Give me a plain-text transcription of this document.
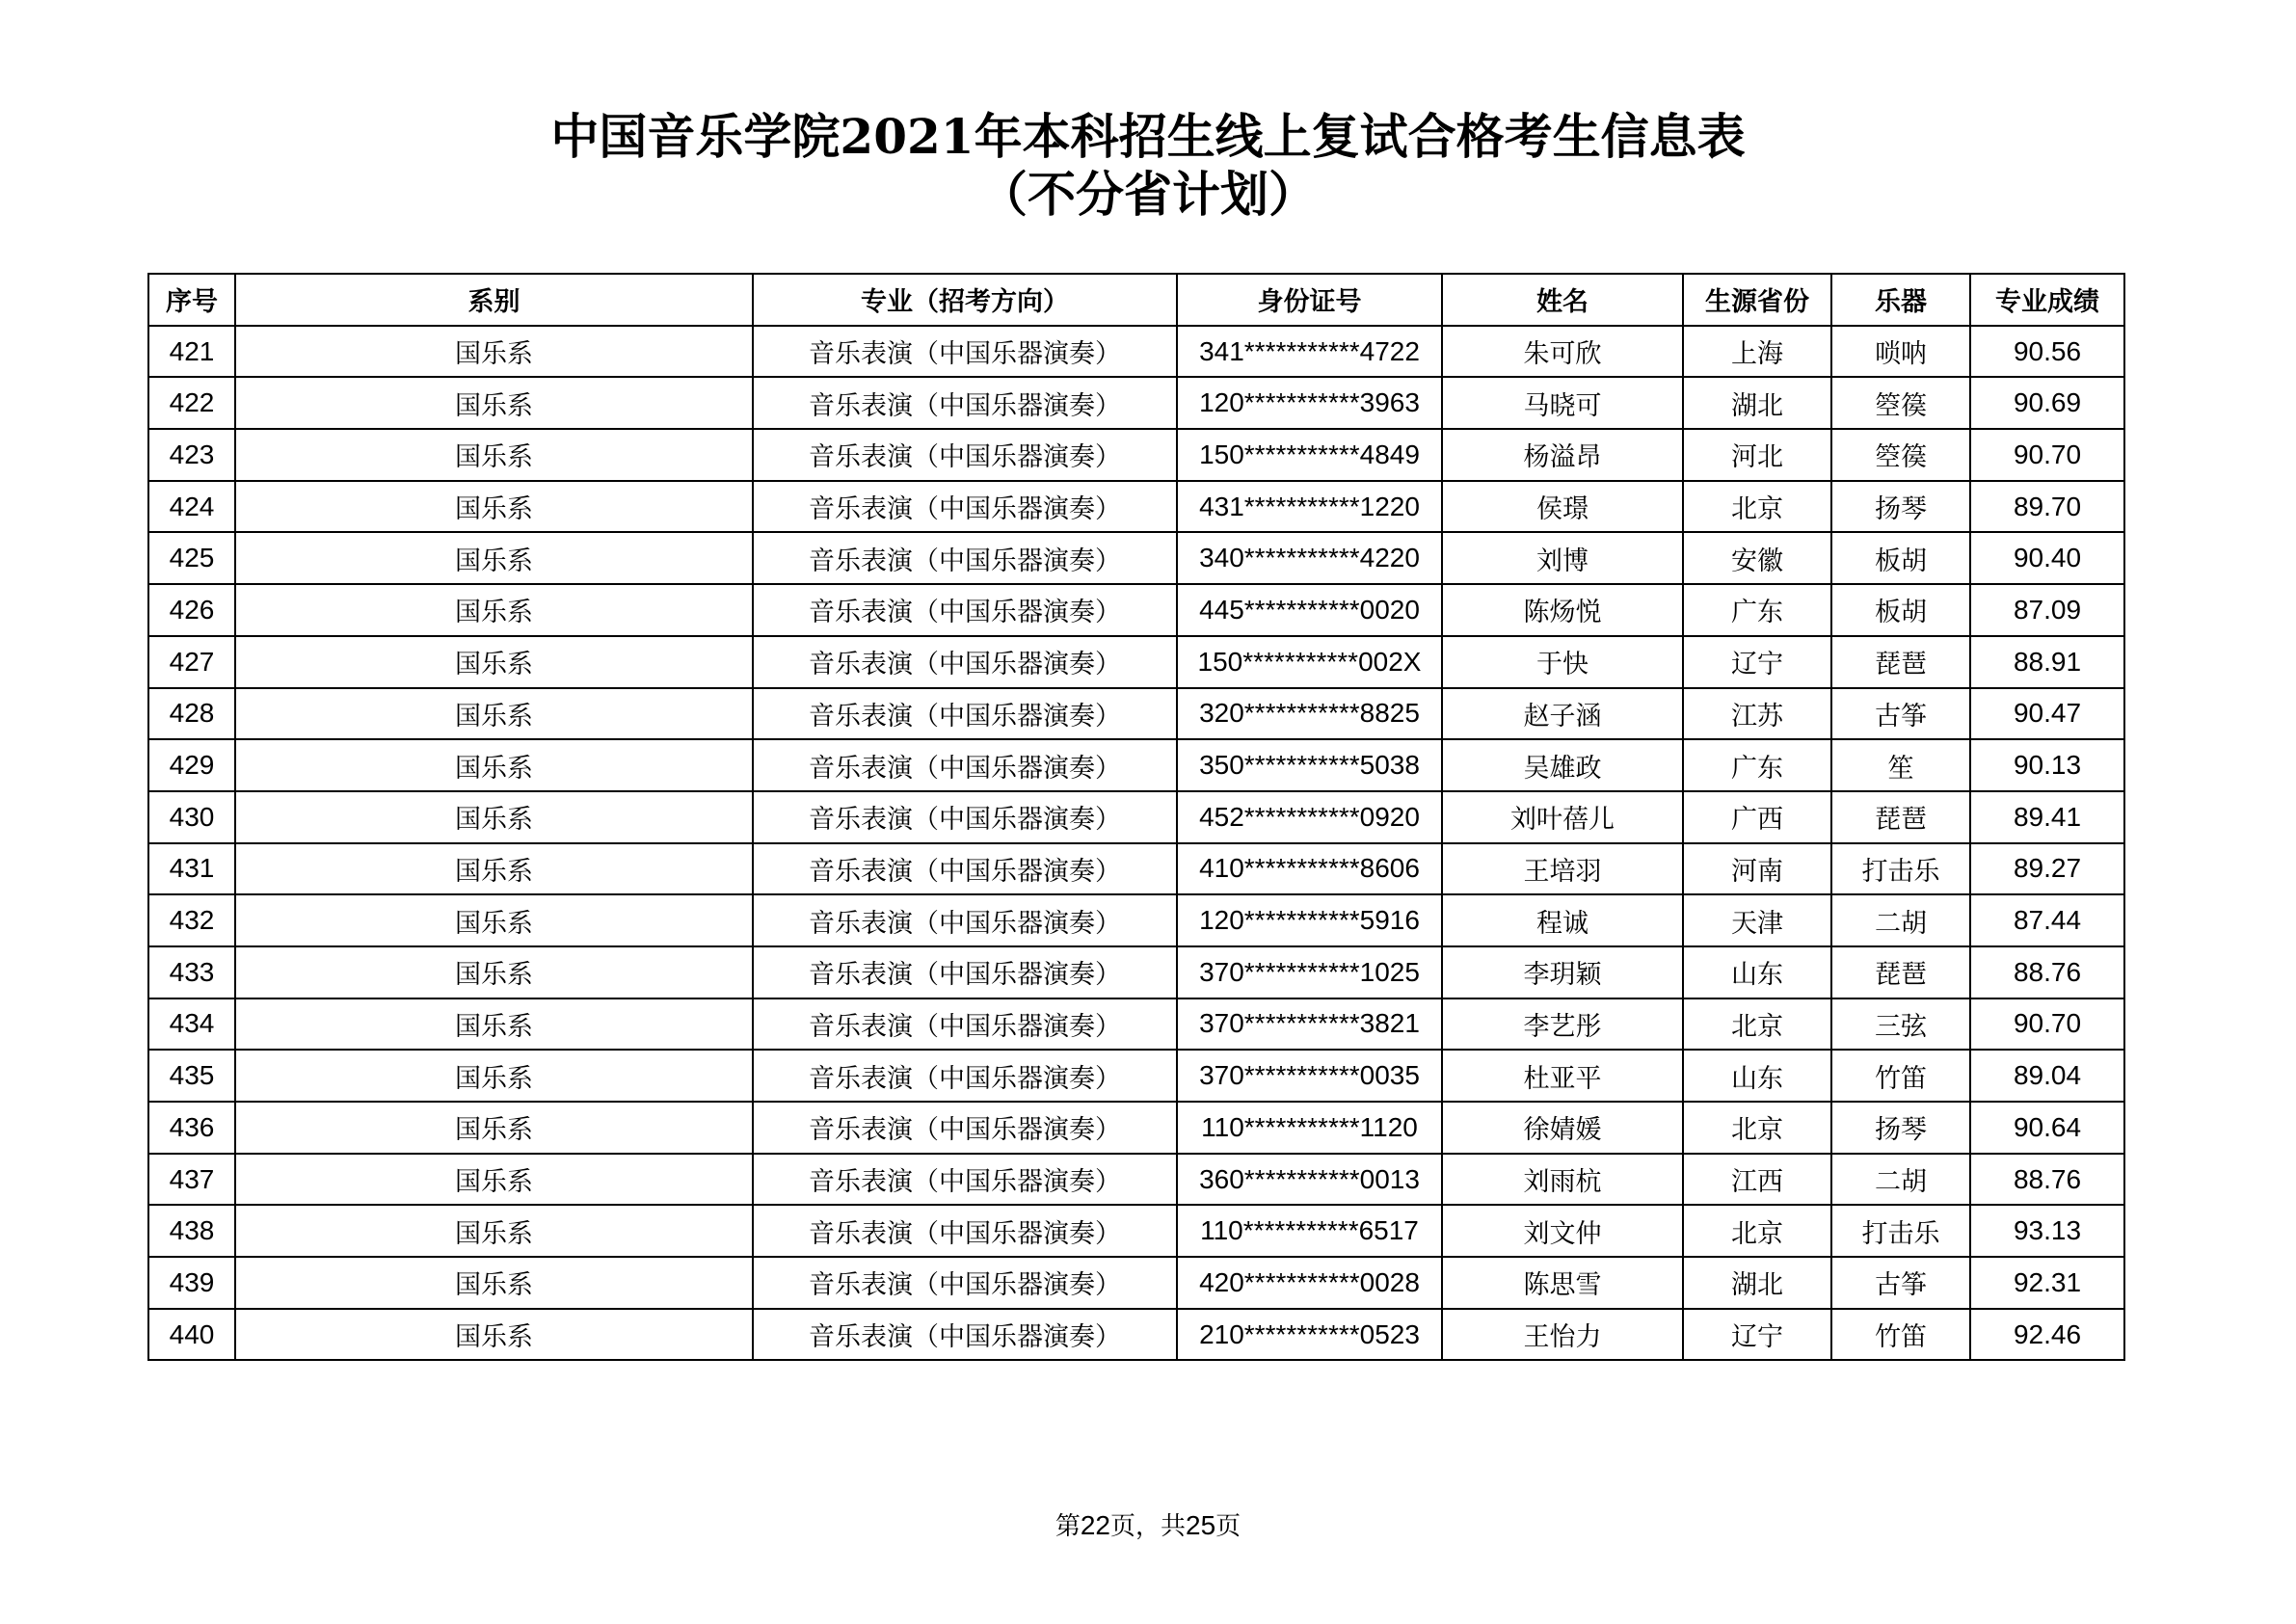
中国音乐学院2021年本科招生线上复试合格考生信息表
（不分省计划）
序号	系别	专业（招考方向）	身份证号	姓名	生源省份	乐器	专业成绩
421	国乐系	音乐表演（中国乐器演奏）	341***********4722	朱可欣	上海	唢呐	90.56
422	国乐系	音乐表演（中国乐器演奏）	120***********3963	马晓可	湖北	箜篌	90.69
423	国乐系	音乐表演（中国乐器演奏）	150***********4849	杨溢昂	河北	箜篌	90.70
424	国乐系	音乐表演（中国乐器演奏）	431***********1220	侯璟	北京	扬琴	89.70
425	国乐系	音乐表演（中国乐器演奏）	340***********4220	刘博	安徽	板胡	90.40
426	国乐系	音乐表演（中国乐器演奏）	445***********0020	陈炀悦	广东	板胡	87.09
427	国乐系	音乐表演（中国乐器演奏）	150***********002X	于快	辽宁	琵琶	88.91
428	国乐系	音乐表演（中国乐器演奏）	320***********8825	赵子涵	江苏	古筝	90.47
429	国乐系	音乐表演（中国乐器演奏）	350***********5038	吴雄政	广东	笙	90.13
430	国乐系	音乐表演（中国乐器演奏）	452***********0920	刘叶蓓儿	广西	琵琶	89.41
431	国乐系	音乐表演（中国乐器演奏）	410***********8606	王培羽	河南	打击乐	89.27
432	国乐系	音乐表演（中国乐器演奏）	120***********5916	程诚	天津	二胡	87.44
433	国乐系	音乐表演（中国乐器演奏）	370***********1025	李玥颖	山东	琵琶	88.76
434	国乐系	音乐表演（中国乐器演奏）	370***********3821	李艺彤	北京	三弦	90.70
435	国乐系	音乐表演（中国乐器演奏）	370***********0035	杜亚平	山东	竹笛	89.04
436	国乐系	音乐表演（中国乐器演奏）	110***********1120	徐婧媛	北京	扬琴	90.64
437	国乐系	音乐表演（中国乐器演奏）	360***********0013	刘雨杭	江西	二胡	88.76
438	国乐系	音乐表演（中国乐器演奏）	110***********6517	刘文仲	北京	打击乐	93.13
439	国乐系	音乐表演（中国乐器演奏）	420***********0028	陈思雪	湖北	古筝	92.31
440	国乐系	音乐表演（中国乐器演奏）	210***********0523	王怡力	辽宁	竹笛	92.46
第22页，共25页
